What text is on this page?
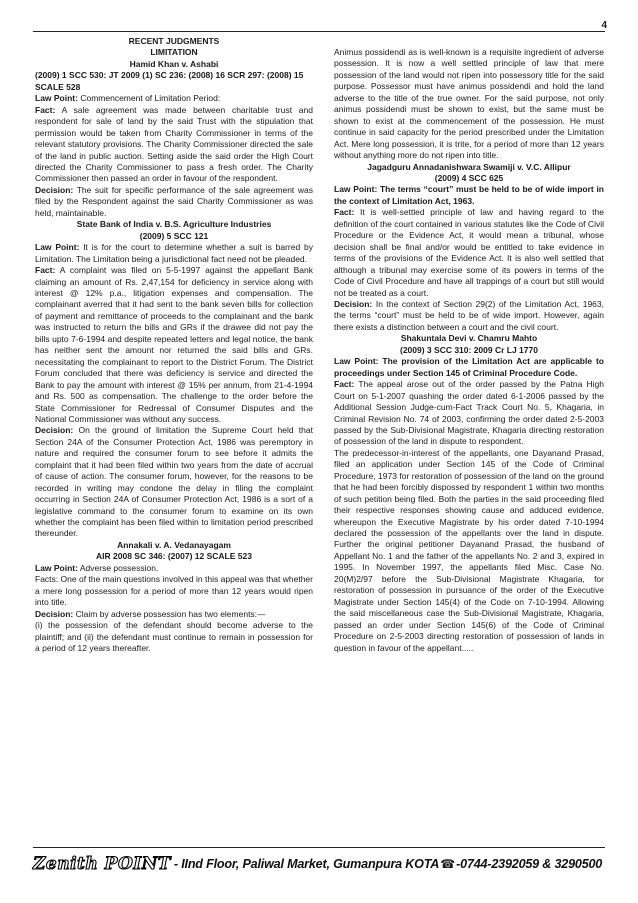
4

RECENT JUDGMENTS

LIMITATION

Hamid Khan v. Ashabi

(2009) 1 SCC 530: JT 2009 (1) SC 236: (2008) 16 SCR 297: (2008) 15 SCALE 528

Law Point: Commencement of Limitation Period:

Fact: A sale agreement was made between charitable trust and respondent for sale of land by the said Trust with the stipulation that permission would be taken from Charity Commissioner in terms of the relevant statutory provisions. The Charity Commissioner directed the sale of the land in public auction. Setting aside the said order the High Court directed the Charity Commissioner to pass a fresh order. The Charity Commissioner then passed an order in favour of the respondent.

Decision: The suit for specific performance of the sale agreement was filed by the Respondent against the said Charity Commissioner as was held, maintainable.

State Bank of India v. B.S. Agriculture Industries

(2009) 5 SCC 121

Law Point: It is for the court to determine whether a suit is barred by Limitation. The Limitation being a jurisdictional fact need not be pleaded.

Fact: A complaint was filed on 5-5-1997 against the appellant Bank claiming an amount of Rs. 2,47,154 for deficiency in service along with interest @ 12% p.a., litigation expenses and compensation. The complainant averred that it had sent to the bank seven bills for collection of payment and remittance of proceeds to the complainant and the bank was instructed to return the bills and GRs if the drawee did not pay the bills upto 7-6-1994 and despite repeated letters and legal notice, the bank has neither sent the amount nor returned the said bills and GRs. necessitating the complainant to report to the District Forum. The District Forum concluded that there was deficiency is service and directed the Bank to pay the amount with interest @ 15% per annum, from 21-4-1994 and Rs. 500 as compensation. The challenge to the order before the State Commissioner for Redressal of Consumer Disputes and the National Commissioner was without any success.

Decision: On the ground of limitation the Supreme Court held that Section 24A of the Consumer Protection Act, 1986 was peremptory in nature and required the consumer forum to see before it admits the complaint that it had been filed within two years from the date of accrual of cause of action. The consumer forum, however, for the reasons to be recorded in writing may condone the delay in filing the complaint occurring in Section 24A of Consumer Protection Act, 1986 is a sort of a legislative command to the consumer forum to examine on its own whether the complaint has been filed within to limitation period prescribed thereunder.

Annakali v. A. Vedanayagam

AIR 2008 SC 346: (2007) 12 SCALE 523

Law Point: Adverse possession.

Facts: One of the main questions involved in this appeal was that whether a mere long possession for a period of more than 12 years would ripen into title.

Decision: Claim by adverse possession has two elements:—

(i) the possession of the defendant should become adverse to the plaintiff; and (ii) the defendant must continue to remain in possession for a period of 12 years thereafter.

Animus possidendi as is well-known is a requisite ingredient of adverse possession. It is now a well settled principle of law that mere possession of the land would not ripen into possessory title for the said purpose. Possessor must have animus possidendi and hold the land adverse to the title of the true owner. For the said purpose, not only animus possidendi must be shown to exist, but the same must be shown to exist at the commencement of the possession. He must continue in said capacity for the period prescribed under the Limitation Act. Mere long possession, it is trite, for a period of more than 12 years without anything more do not ripen into title.

Jagadguru Annadanishwara Swamiji v. V.C. Allipur

(2009) 4 SCC 625

Law Point: The terms “court” must be held to be of wide import in the context of Limitation Act, 1963.

Fact: It is well-settled principle of law and having regard to the definition of the court contained in various statutes like the Code of Civil Procedure or the Evidence Act, it would mean a tribunal, whose decision shall be final and/or would be entitled to take evidence in terms of the provisions of the Evidence Act. It is also well settled that although a tribunal may exercise some of its powers in terms of the Code of Civil Procedure and have all trappings of a court but still would not be treated as a court.

Decision: In the context of Section 29(2) of the Limitation Act, 1963, the terms “court” must be held to be of wide import. However, again there exists a distinction between a court and the civil court.

Shakuntala Devi v. Chamru Mahto

(2009) 3 SCC 310: 2009 Cr LJ 1770

Law Point: The provision of the Limitation Act are applicable to proceedings under Section 145 of Criminal Procedure Code.

Fact: The appeal arose out of the order passed by the Patna High Court on 5-1-2007 quashing the order dated 6-1-2006 passed by the Additional Session Judge-cum-Fact Track Court No. 5, Khagaria, in Criminal Revision No. 74 of 2003, confirming the order dated 2-5-2003 passed by the Sub-Divisional Magistrate, Khagaria directing restoration of possession of the land in dispute to respondent.

The predecessor-in-interest of the appellants, one Dayanand Prasad, filed an application under Section 145 of the Code of Criminal Procedure, 1973 for restoration of possession of the land on the ground that he had been forcibly dispossed by respondent 1 within two months of such petition being filed. Both the parties in the said proceeding filed their respective responses showing cause and adduced evidence, whereupon the Executive Magistrate by his order dated 7-10-1994 declared the possession of the appellants over the land in dispute. Further the original petitioner Dayanand Prasad, the husband of Appellant No. 1 and the father of the appellants No. 2 and 3, expired in 1995. In November 1997, the appellants filed Misc. Case No. 20(M)2/97 before the Sub-Divisional Magistrate Khagaria, for restoration of possession in pursuance of the order of the Executive Magistrate under Section 145(4) of the Code on 7-10-1994. Allowing the said miscellaneous case the Sub-Divisional Magistrate, Khagaria, passed an order under Section 145(6) of the Code of Criminal Procedure on 2-5-2003 directing restoration of possession of lands in question in favour of the appellant.....

Zenith POINT - IInd Floor, Paliwal Market, Gumanpura KOTA ☎ -0744-2392059 & 3290500
